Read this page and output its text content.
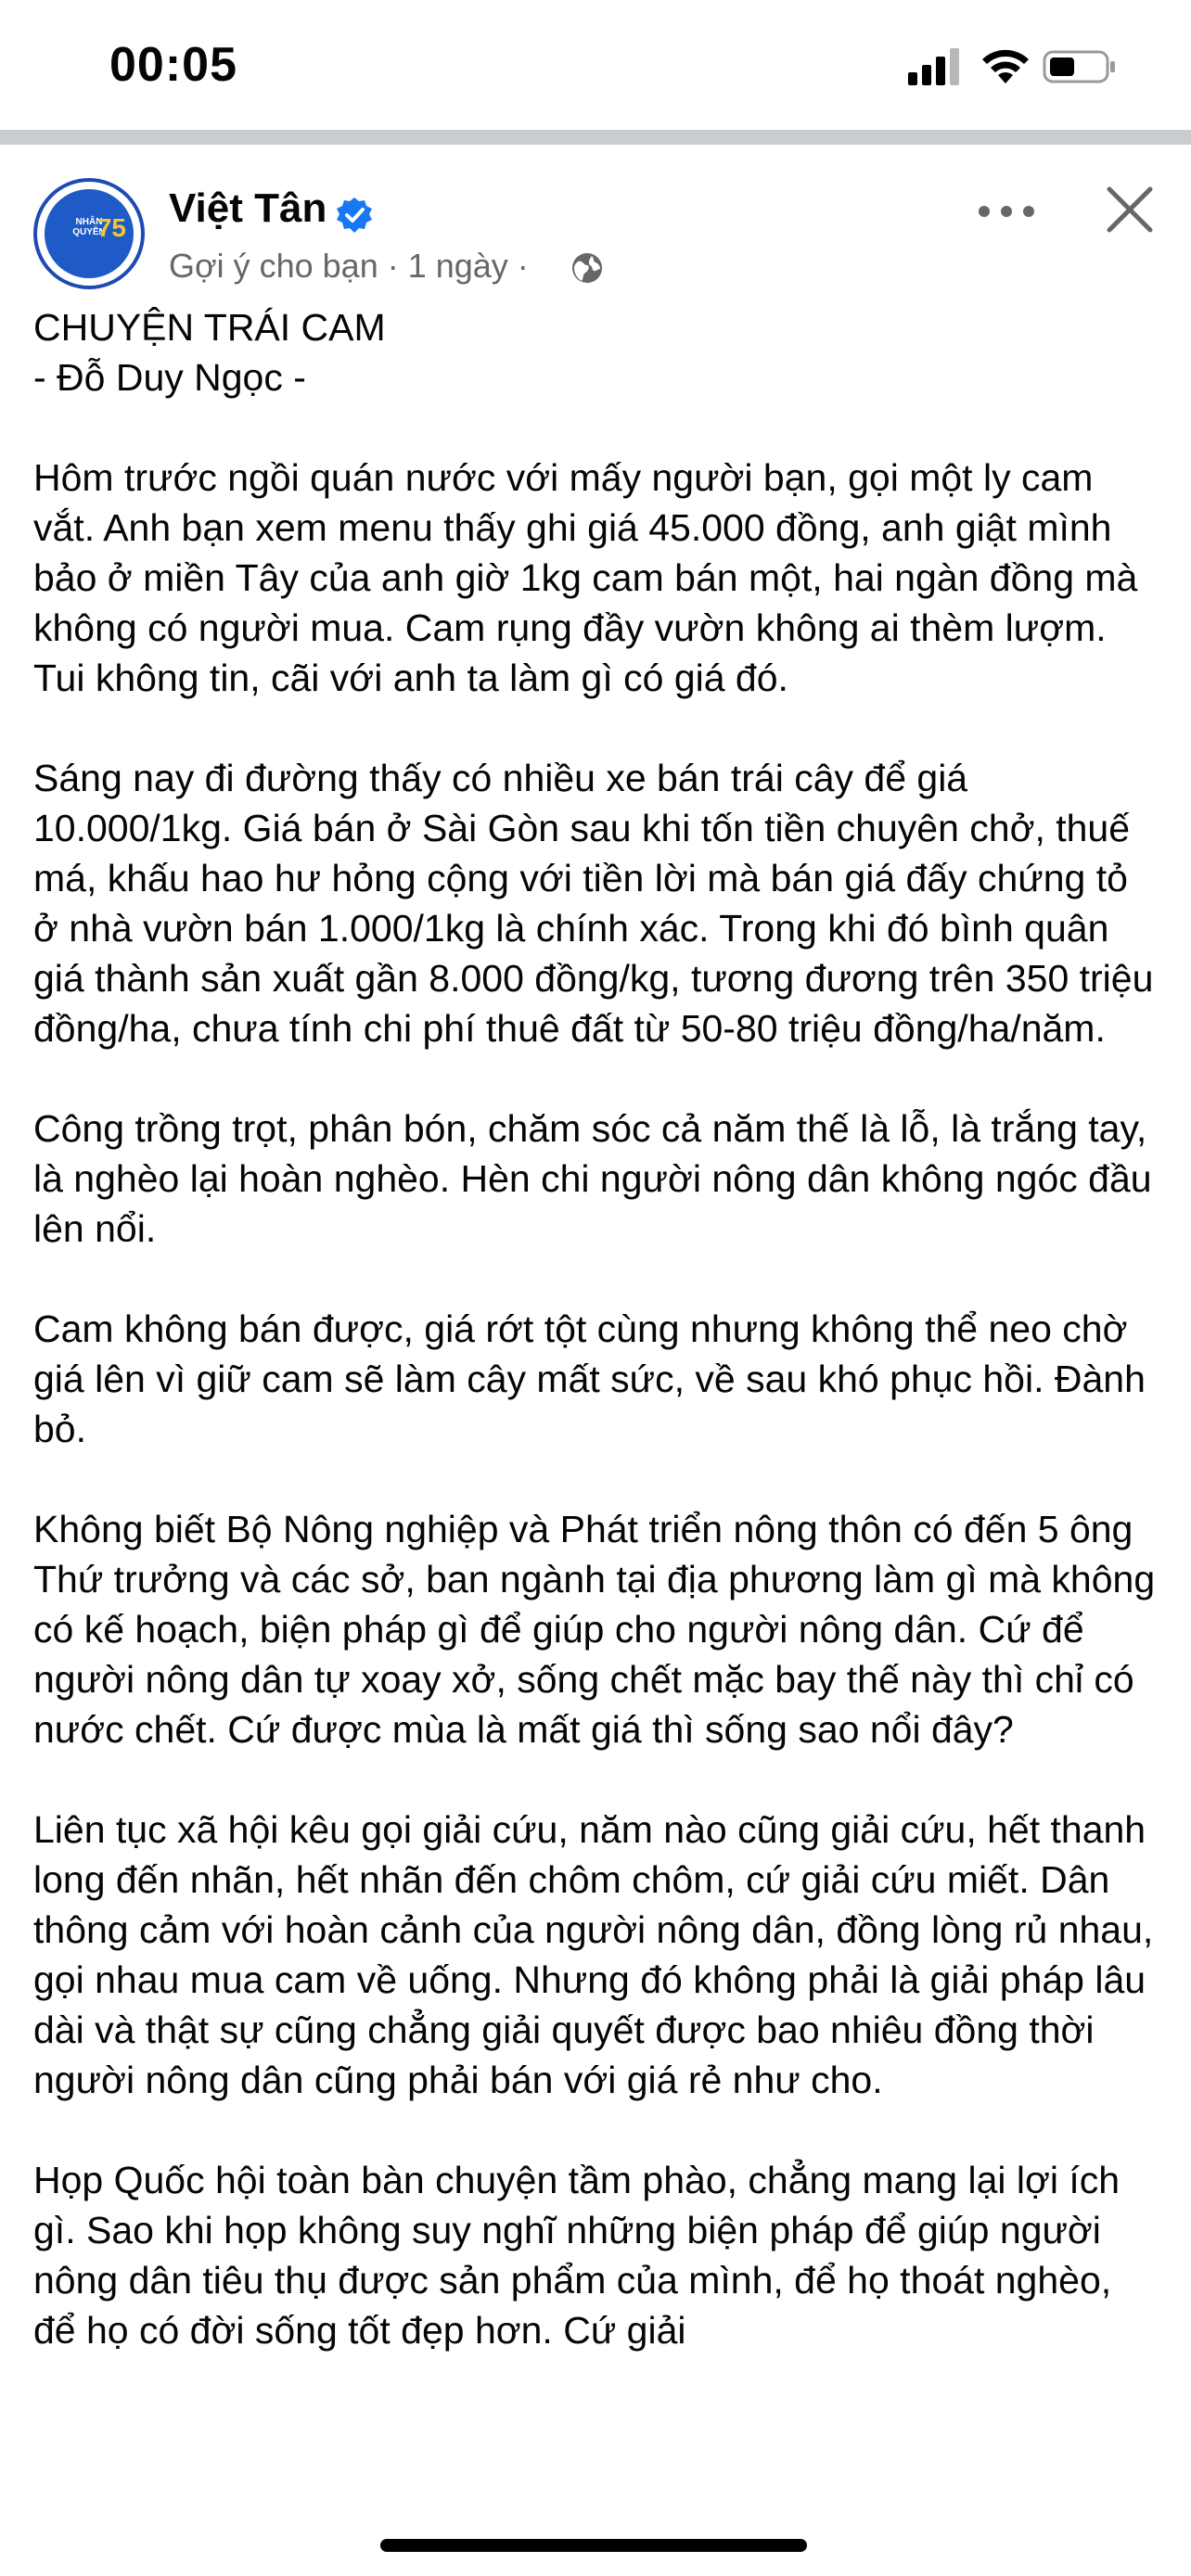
00:05
NHÂN QUYỀN
75 Việt Tân
Gợi ý cho bạn · 1 ngày ·

CHUYỆN TRÁI CAM
- Đỗ Duy Ngọc -

Hôm trước ngồi quán nước với mấy người bạn, gọi một ly cam vắt. Anh bạn xem menu thấy ghi giá 45.000 đồng, anh giật mình bảo ở miền Tây của anh giờ 1kg cam bán một, hai ngàn đồng mà không có người mua. Cam rụng đầy vườn không ai thèm lượm. Tui không tin, cãi với anh ta làm gì có giá đó.

Sáng nay đi đường thấy có nhiều xe bán trái cây để giá 10.000/1kg. Giá bán ở Sài Gòn sau khi tốn tiền chuyên chở, thuế má, khấu hao hư hỏng cộng với tiền lời mà bán giá đấy chứng tỏ ở nhà vườn bán 1.000/1kg là chính xác. Trong khi đó bình quân giá thành sản xuất gần 8.000 đồng/kg, tương đương trên 350 triệu đồng/ha, chưa tính chi phí thuê đất từ 50-80 triệu đồng/ha/năm.

Công trồng trọt, phân bón, chăm sóc cả năm thế là lỗ, là trắng tay, là nghèo lại hoàn nghèo. Hèn chi người nông dân không ngóc đầu lên nổi.

Cam không bán được, giá rớt tột cùng nhưng không thể neo chờ giá lên vì giữ cam sẽ làm cây mất sức, về sau khó phục hồi. Đành bỏ.

Không biết Bộ Nông nghiệp và Phát triển nông thôn có đến 5 ông Thứ trưởng và các sở, ban ngành tại địa phương làm gì mà không có kế hoạch, biện pháp gì để giúp cho người nông dân. Cứ để người nông dân tự xoay xở, sống chết mặc bay thế này thì chỉ có nước chết. Cứ được mùa là mất giá thì sống sao nổi đây?

Liên tục xã hội kêu gọi giải cứu, năm nào cũng giải cứu, hết thanh long đến nhãn, hết nhãn đến chôm chôm, cứ giải cứu miết. Dân thông cảm với hoàn cảnh của người nông dân, đồng lòng rủ nhau, gọi nhau mua cam về uống. Nhưng đó không phải là giải pháp lâu dài và thật sự cũng chẳng giải quyết được bao nhiêu đồng thời người nông dân cũng phải bán với giá rẻ như cho.

Họp Quốc hội toàn bàn chuyện tầm phào, chẳng mang lại lợi ích gì. Sao khi họp không suy nghĩ những biện pháp để giúp người nông dân tiêu thụ được sản phẩm của mình, để họ thoát nghèo, để họ có đời sống tốt đẹp hơn. Cứ giải
